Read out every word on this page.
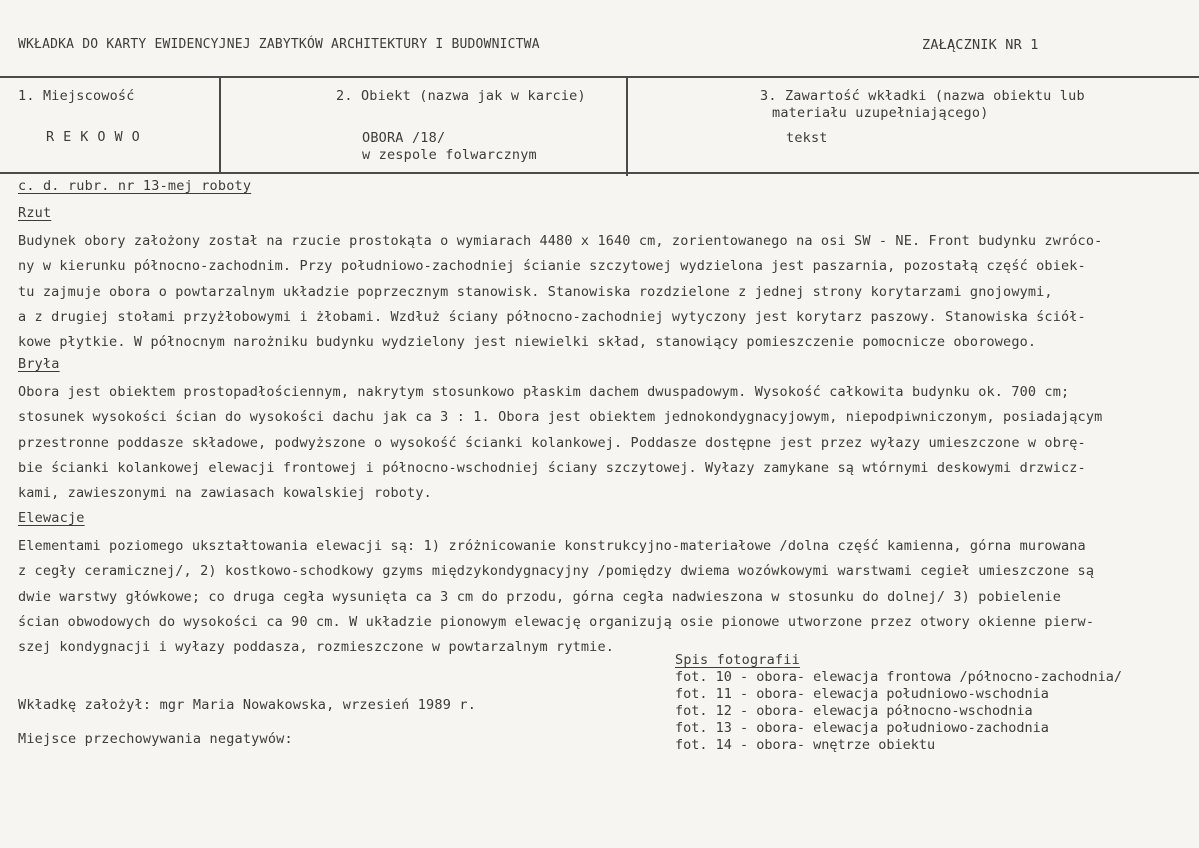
WKŁADKA DO KARTY EWIDENCYJNEJ ZABYTKÓW ARCHITEKTURY I BUDOWNICTWA	ZAŁĄCZNIK NR 1
1. Miejscowość
REKOWO
2. Obiekt (nazwa jak w karcie)
OBORA /18/
w zespole folwarcznym
3. Zawartość wkładki (nazwa obiektu lub
materiału uzupełniającego)
tekst
c. d. rubr. nr 13-mej roboty
Rzut
Budynek obory założony został na rzucie prostokąta o wymiarach 4480 x 1640 cm, zorientowanego na osi SW - NE. Front budynku zwróco-
ny w kierunku północno-zachodnim. Przy południowo-zachodniej ścianie szczytowej wydzielona jest paszarnia, pozostałą część obiek-
tu zajmuje obora o powtarzalnym układzie poprzecznym stanowisk. Stanowiska rozdzielone z jednej strony korytarzami gnojowymi,
a z drugiej stołami przyżłobowymi i żłobami. Wzdłuż ściany północno-zachodniej wytyczony jest korytarz paszowy. Stanowiska ściół-
kowe płytkie. W północnym narożniku budynku wydzielony jest niewielki skład, stanowiący pomieszczenie pomocnicze oborowego.
Bryła
Obora jest obiektem prostopadłościennym, nakrytym stosunkowo płaskim dachem dwuspadowym. Wysokość całkowita budynku ok. 700 cm;
stosunek wysokości ścian do wysokości dachu jak ca 3 : 1. Obora jest obiektem jednokondygnacyjowym, niepodpiwniczonym, posiadającym
przestronne poddasze składowe, podwyższone o wysokość ścianki kolankowej. Poddasze dostępne jest przez wyłazy umieszczone w obrę-
bie ścianki kolankowej elewacji frontowej i północno-wschodniej ściany szczytowej. Wyłazy zamykane są wtórnymi deskowymi drzwicz-
kami, zawieszonymi na zawiasach kowalskiej roboty.
Elewacje
Elementami poziomego ukształtowania elewacji są: 1) zróżnicowanie konstrukcyjno-materiałowe /dolna część kamienna, górna murowana
z cegły ceramicznej/, 2) kostkowo-schodkowy gzyms międzykondygnacyjny /pomiędzy dwiema wozówkowymi warstwami cegieł umieszczone są
dwie warstwy główkowe; co druga cegła wysunięta ca 3 cm do przodu, górna cegła nadwieszona w stosunku do dolnej/ 3) pobielenie
ścian obwodowych do wysokości ca 90 cm. W układzie pionowym elewację organizują osie pionowe utworzone przez otwory okienne pierw-
szej kondygnacji i wyłazy poddasza, rozmieszczone w powtarzalnym rytmie.
Spis fotografii
fot. 10 - obora- elewacja frontowa /północno-zachodnia/
fot. 11 - obora- elewacja południowo-wschodnia
fot. 12 - obora- elewacja północno-wschodnia
fot. 13 - obora- elewacja południowo-zachodnia
fot. 14 - obora- wnętrze obiektu
Wkładkę założył: mgr Maria Nowakowska, wrzesień 1989 r.
Miejsce przechowywania negatywów:
